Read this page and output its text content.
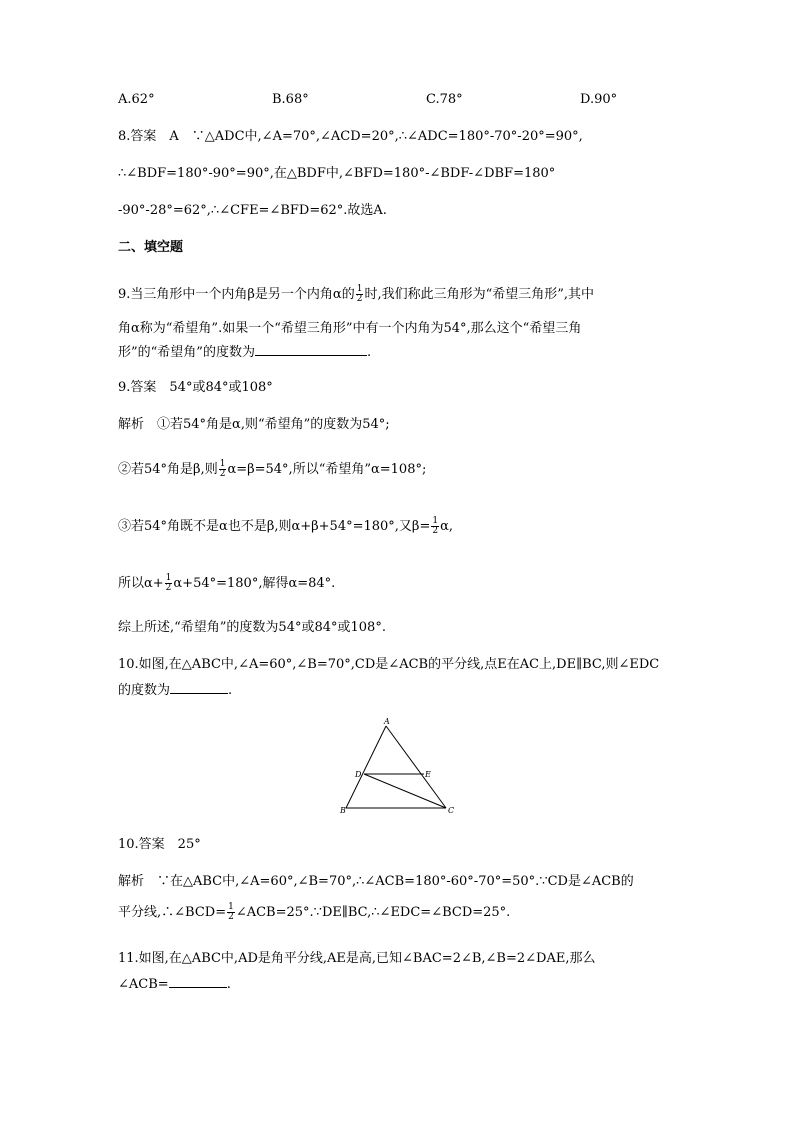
A.62°	B.68°	C.78°	D.90°
8.答案　A　∵△ADC中,∠A=70°,∠ACD=20°,∴∠ADC=180°-70°-20°=90°,
∴∠BDF=180°-90°=90°,在△BDF中,∠BFD=180°-∠BDF-∠DBF=180°
-90°-28°=62°,∴∠CFE=∠BFD=62°.故选A.
二、填空题
9.当三角形中一个内角β是另一个内角α的 $\frac{1}{2}$ 时,我们称此三角形为“希望三角形”,其中
角α称为“希望角”.如果一个“希望三角形”中有一个内角为54°,那么这个“希望三角
形”的“希望角”的度数为	.
9.答案　54°或84°或108°
解析　①若54°角是α,则“希望角”的度数为54°;
②若54°角是β,则 $\frac{1}{2} \alpha=\beta=54^\circ$,所以“希望角”α=108°;
③若54°角既不是α也不是β,则α+β+54°=180°,又$\beta= \frac{1}{2} \alpha$,
所以$\alpha+ \frac{1}{2} \alpha+54^\circ=180^\circ$,解得α=84°.
综上所述,“希望角”的度数为54°或84°或108°.
10.如图,在△ABC中,∠A=60°,∠B=70°,CD是∠ACB的平分线,点E在AC上,DE∥BC,则∠EDC
的度数为	.
A
B	C
D	E
10.答案　25°
解析　∵在△ABC中,∠A=60°,∠B=70°,∴∠ACB=180°-60°-70°=50°.∵CD是∠ACB的
平分线,∴∠BCD= $\frac{1}{2}$ ∠ACB=25°.∵DE∥BC,∴∠EDC=∠BCD=25°.
11.如图,在△ABC中,AD是角平分线,AE是高,已知∠BAC=2∠B,∠B=2∠DAE,那么
∠ACB=	.
